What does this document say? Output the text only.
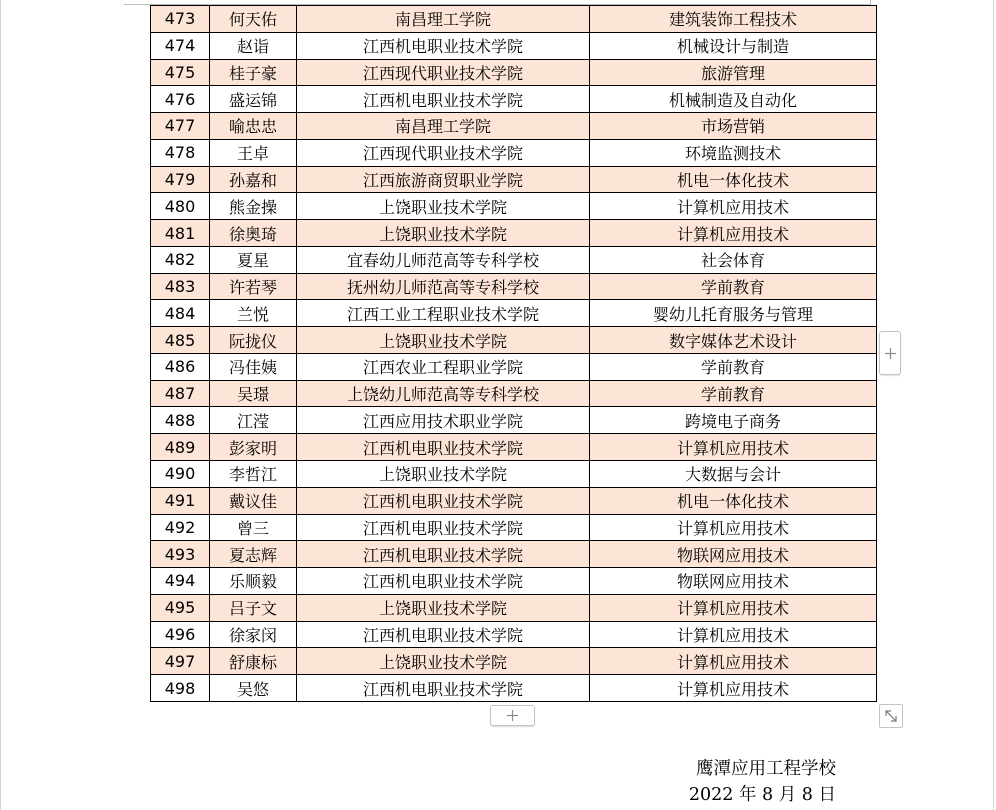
473	何天佑	南昌理工学院	建筑装饰工程技术
474	赵诣	江西机电职业技术学院	机械设计与制造
475	桂子豪	江西现代职业技术学院	旅游管理
476	盛运锦	江西机电职业技术学院	机械制造及自动化
477	喻忠忠	南昌理工学院	市场营销
478	王卓	江西现代职业技术学院	环境监测技术
479	孙嘉和	江西旅游商贸职业学院	机电一体化技术
480	熊金操	上饶职业技术学院	计算机应用技术
481	徐奥琦	上饶职业技术学院	计算机应用技术
482	夏星	宜春幼儿师范高等专科学校	社会体育
483	许若琴	抚州幼儿师范高等专科学校	学前教育
484	兰悦	江西工业工程职业技术学院	婴幼儿托育服务与管理
485	阮拢仪	上饶职业技术学院	数字媒体艺术设计
486	冯佳姨	江西农业工程职业学院	学前教育
487	吴璟	上饶幼儿师范高等专科学校	学前教育
488	江滢	江西应用技术职业学院	跨境电子商务
489	彭家明	江西机电职业技术学院	计算机应用技术
490	李哲江	上饶职业技术学院	大数据与会计
491	戴议佳	江西机电职业技术学院	机电一体化技术
492	曾三	江西机电职业技术学院	计算机应用技术
493	夏志辉	江西机电职业技术学院	物联网应用技术
494	乐顺毅	江西机电职业技术学院	物联网应用技术
495	吕子文	上饶职业技术学院	计算机应用技术
496	徐家闵	江西机电职业技术学院	计算机应用技术
497	舒康标	上饶职业技术学院	计算机应用技术
498	吴悠	江西机电职业技术学院	计算机应用技术
鹰潭应用工程学校
2022 年 8 月 8 日
